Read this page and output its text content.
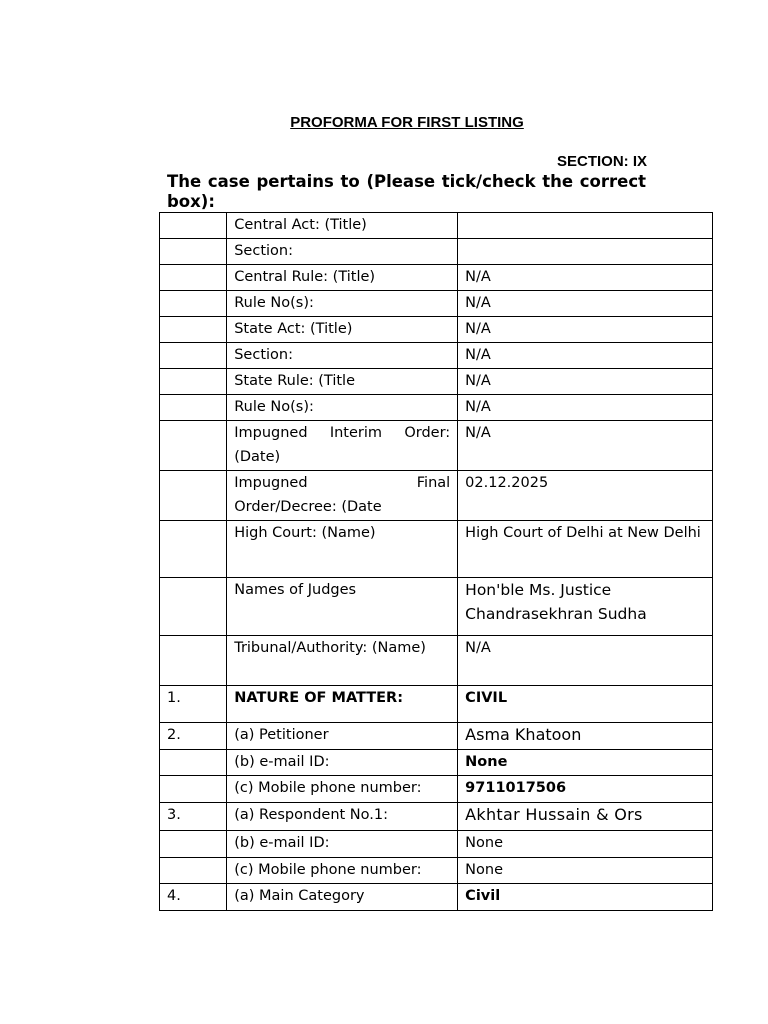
PROFORMA FOR FIRST LISTING
SECTION: IX
The case pertains to (Please tick/check the correct box):
	Central Act: (Title)	
	Section:	
	Central Rule: (Title)	N/A
	Rule No(s):	N/A
	State Act: (Title)	N/A
	Section:	N/A
	State Rule: (Title	N/A
	Rule No(s):	N/A
	Impugned Interim Order: (Date)	N/A
	Impugned Final Order/Decree: (Date	02.12.2025
	High Court: (Name)	High Court of Delhi at New Delhi
	Names of Judges	Hon'ble Ms. Justice Chandrasekhran Sudha
	Tribunal/Authority: (Name)	N/A
1.	NATURE OF MATTER:	CIVIL
2.	(a) Petitioner	Asma Khatoon
	(b) e-mail ID:	None
	(c) Mobile phone number:	9711017506
3.	(a) Respondent No.1:	Akhtar Hussain & Ors
	(b) e-mail ID:	None
	(c) Mobile phone number:	None
4.	(a) Main Category	Civil
